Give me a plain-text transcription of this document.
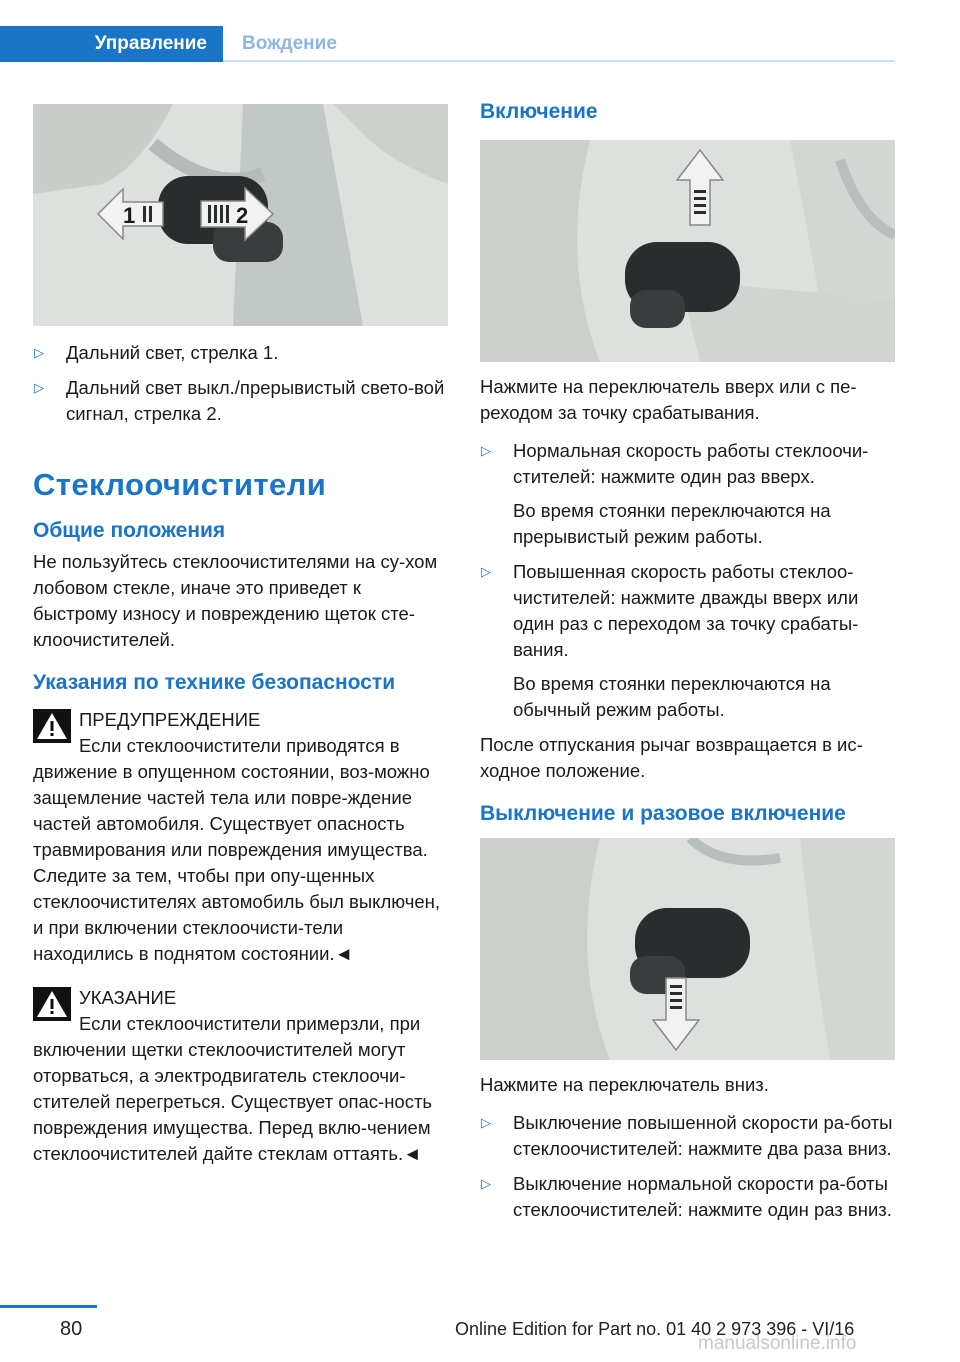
Управление	Вождение
1	2
▷ Дальний свет, стрелка 1.
▷ Дальний свет выкл./прерывистый свето-вой сигнал, стрелка 2.
Стеклоочистители
Общие положения

Не пользуйтесь стеклоочистителями на су-хом лобовом стекле, иначе это приведет к быстрому износу и повреждению щеток сте-клоочистителей.

Указания по технике безопасности
ПРЕДУПРЕЖДЕНИЕ

Если стеклоочистители приводятся в движение в опущенном состоянии, воз-можно защемление частей тела или повре-ждение частей автомобиля. Существует опасность травмирования или повреждения имущества. Следите за тем, чтобы при опу-щенных стеклоочистителях автомобиль был выключен, и при включении стеклоочисти-тели находились в поднятом состоянии.◄

УКАЗАНИЕ

Если стеклоочистители примерзли, при включении щетки стеклоочистителей могут оторваться, а электродвигатель стеклоочи-стителей перегреться. Существует опас-ность повреждения имущества. Перед вклю-чением стеклоочистителей дайте стеклам оттаять.◄

Включение

Нажмите на переключатель вверх или с пе-реходом за точку срабатывания.

▷ Нормальная скорость работы стеклоочи-стителей: нажмите один раз вверх.
Во время стоянки переключаются на прерывистый режим работы.
▷ Повышенная скорость работы стеклоо-чистителей: нажмите дважды вверх или один раз с переходом за точку срабаты-вания.
Во время стоянки переключаются на обычный режим работы.

После отпускания рычаг возвращается в ис-ходное положение.

Выключение и разовое включение

Нажмите на переключатель вниз.

▷ Выключение повышенной скорости ра-боты стеклоочистителей: нажмите два раза вниз.
▷ Выключение нормальной скорости ра-боты стеклоочистителей: нажмите один раз вниз.
80	Online Edition for Part no. 01 40 2 973 396 - VI/16
manualsonline.info
